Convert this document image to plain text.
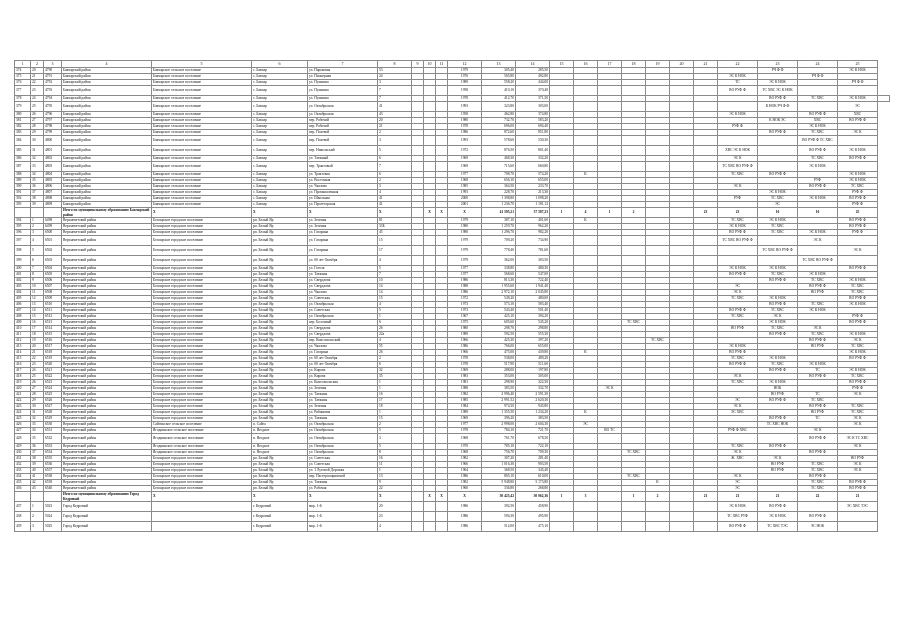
1	2	3	4	5	6	7	8	9	10	11	12	13	14	15	16	17	18	19	20	21	22	23	24	25	
374	20	4790	Бакчарский район	Бакчарское сельское поселение	с. Бакчар	ул. Парьковая	53				1979	305,40	285,50									РЧ Ф Ф		ЭС К НОК	
375	21	4791	Бакчарский район	Бакчарское сельское поселение	с. Бакчар	ул. Пионерная	24				1976	565,80	492,80								ЭС К НОК		РЧ Ф Ф		
376	22	4792	Бакчарский район	Бакчарское сельское поселение	с. Бакчар	ул. Пушкина	3				1989	558,20	444,00								ТС	ЭС К НОК		РЧ Ф Ф	
377	23	4793	Бакчарский район	Бакчарское сельское поселение	с. Бакчар	ул. Пушкина	7				1958	410,10	370,40								ВО РУФ Ф	ТС ХВС ЭС К НОК			
378	24	4794	Бакчарский район	Бакчарское сельское поселение	с. Бакчар	ул. Пушкина	7				1978	412,70	371,50									ВО РУФ Ф	ТС ХВС	ЭС К НОК	
379	25	4795	Бакчарский район	Бакчарское сельское поселение	с. Бакчар	ул. Октябрьская	41				1993	323,80	303,00									К НОК РЧ Ф Ф		ЭС	
380	26	4796	Бакчарский район	Бакчарское сельское поселение	с. Бакчар	ул. Октябрьская	43				1958	462,80	374,80								ЭС К НОК		ВО РУФ Ф	ХВС	
381	27	4797	Бакчарский район	Бакчарское сельское поселение	с. Бакчар	пер. Рабочий	20				1980	732,70	583,20									К НОК ЭС	ХВС	ВО РУФ Ф	
382	28	4798	Бакчарский район	Бакчарское сельское поселение	с. Бакчар	пер. Рабочий	21				1978	696,00	694,40								РУФ Ф		ЭС К НОК		
383	29	4799	Бакчарский район	Бакчарское сельское поселение	с. Бакчар	пер. Полевой	2				1986	872,60	851,80									ВО РУФ Ф	ТС ХВС	ЭС К	
384	30	4800	Бакчарский район	Бакчарское сельское поселение	с. Бакчар	пер. Полевой	3				1993	578,60	530,30										ВО РУФ Ф ТС ХВС		
385	31	4801	Бакчарский район	Бакчарское сельское поселение	с. Бакчар	пер. Никольский	5				1972	876,50	801,40								ХВС ЭС К НОК		ВО РУФ Ф	ЭС К НОК	
386	32	4802	Бакчарский район	Бакчарское сельское поселение	с. Бакчар	ул. Таежный	6				1969	468,30	332,20								ЭС К		ТС ХВС	ВО РУФ Ф	
387	33	4803	Бакчарский район	Бакчарское сельское поселение	с. Бакчар	пер. Трактовый	7				1969	715,60	660,80								ТС ХВС ВО РУФ Ф		ЭС К НОК		
388	34	4804	Бакчарский район	Бакчарское сельское поселение	с. Бакчар	ул. Трактовая	6				1977	708,70	574,20		К						ТС ХВС	ВО РУФ Ф		ЭС К НОК	
389	35	4805	Бакчарский район	Бакчарское сельское поселение	с. Бакчар	ул. Восточная	2				1968	656,10	655,00										РУФ	ЭС К НОК	
390	36	4806	Бакчарский район	Бакчарское сельское поселение	с. Бакчар	ул. Чкалова	3				1985	364,50	233,70								ЭС К		ВО РУФ Ф	ТС ХВС	
391	37	4807	Бакчарский район	Бакчарское сельское поселение	с. Бакчар	ул. Промышленная	4				1993	228,70	213,30									ЭС К НОК		РУФ Ф	
392	38	4808	Бакчарский район	Бакчарское сельское поселение	с. Бакчар	ул. Школьная	41				2000	1 398,80	1 098,20								РУФ	ТС ХВС	ЭС К НОК	ВО РУФ Ф	
393	39	4809	Бакчарский район	Бакчарское сельское поселение	с. Бакчар	ул. Пролетарская	41				2001	1 236,70	1 181,12									ЭС		РУФ Ф	
			Итого по муниципальному образованию Бакчарский район	X	X	X	X		X	X	X	41 595,21	37 587,23	1	4	1	2			23	23	16	16	25	
394	1	6498	Верхнекетский район	Белоярское городское поселение	рп. Белый Яр	ул. Зеленая	81				1979	387,10	401,60		К						ТС ХВС	ЭС К НОК		ВО РУФ Ф	
395	2	6499	Верхнекетский район	Белоярское городское поселение	рп. Белый Яр	ул. Зеленая	33Б				1980	1 259,70	962,20								ЭС К НОК	ТС ХВС		ВО РУФ Ф	
396	3	6500	Верхнекетский район	Белоярское городское поселение	рп. Белый Яр	ул. Гагарина	45				1980	1 296,70	982,20								ВО РУФ Ф	ТС ХВС	ЭС К НОК	РУФ Ф	
397	4	6501	Верхнекетский район	Белоярское городское поселение	рп. Белый Яр	ул. Гагарина	15				1979	709,20	734,90								ТС ХВС ВО РУФ Ф		ЭС К		
398	5	6502	Верхнекетский район	Белоярское городское поселение	рп. Белый Яр	ул. Гагарина	17				1979	778,40	781,60									ТС ХВС ВО РУФ Ф		ЭС К	
399	6	6503	Верхнекетский район	Белоярское городское поселение	рп. Белый Яр	ул. 60 лет Октября	4				1979	362,00	303,50										ТС ХВС ВО РУФ Ф		
400	7	6504	Верхнекетский район	Белоярское городское поселение	рп. Белый Яр	ул. Гоголя	5				1977	338,80	480,30								ЭС К НОК	ЭС К НОК		ВО РУФ Ф	
401	8	6505	Верхнекетский район	Белоярское городское поселение	рп. Белый Яр	ул. Таежная	7				1977	568,60	547,00								ВО РУФ Ф	ТС ХВС	ЭС К НОК		
402	9	6506	Верхнекетский район	Белоярское городское поселение	рп. Белый Яр	ул. Свердлова	10				1986	813,30	722,40									ВО РУФ Ф	ТС ХВС	ЭС К НОК	
403	10	6507	Верхнекетский район	Белоярское городское поселение	рп. Белый Яр	ул. Свердлова	14				1988	1 955,60	1 941,40								ЭС		ВО РУФ Ф	ТС ХВС	
404	11	6508	Верхнекетский район	Белоярское городское поселение	рп. Белый Яр	ул. Чкалова	14				1986	2 972,10	2 045,80								ЭС К		ВО РУФ	ТС ХВС	
405	12	6509	Верхнекетский район	Белоярское городское поселение	рп. Белый Яр	ул. Советская	15				1972	549,20	480,00								ТС ХВС	ЭС К НОК		ВО РУФ Ф	
406	13	6510	Верхнекетский район	Белоярское городское поселение	рп. Белый Яр	ул. Октябрьская	4				1973	573,10	583,40									ВО РУФ Ф	ТС ХВС	ЭС К НОК	
407	14	6511	Верхнекетский район	Белоярское городское поселение	рп. Белый Яр	ул. Советская	5				1973	543,40	501,40								ВО РУФ Ф	ТС ХВС	ЭС К НОК		
408	15	6512	Верхнекетский район	Белоярское городское поселение	рп. Белый Яр	ул. Октябрьская	1				1967	425,10	394,20								ТС ХВС	ЭС К		РУФ Ф	
409	16	6513	Верхнекетский район	Белоярское городское поселение	рп. Белый Яр	пер. Болотный	6				1975	605,60	545,20				ТС ХВС					ЭС К НОК		ВО РУФ Ф	
410	17	6514	Верхнекетский район	Белоярское городское поселение	рп. Белый Яр	ул. Свердлова	26				1980	298,70	298,80								ВО РУФ	ТС ХВС	ЭС К		
411	18	6515	Верхнекетский район	Белоярское городское поселение	рп. Белый Яр	ул. Свердлова	22а				1989	592,50	555,30									ВО РУФ Ф	ТС ХВС	ЭС К НОК	
412	19	6516	Верхнекетский район	Белоярское городское поселение	рп. Белый Яр	пер. Комсомольский	4				1966	425,30	397,20					ТС ХВС					ВО РУФ Ф	ЭС К	
413	20	6517	Верхнекетский район	Белоярское городское поселение	рп. Белый Яр	ул. Чкалова	55				1986	766,00	655,00								ЭС К НОК		ВО РУФ	ТС ХВС	
414	21	6518	Верхнекетский район	Белоярское городское поселение	рп. Белый Яр	ул. Гагарина	26				1966	475,00	439,80		К						ВО РУФ Ф			ЭС К НОК	
415	22	6519	Верхнекетский район	Белоярское городское поселение	рп. Белый Яр	ул. 60 лет Октября	2				1978	538,00	489,20								ТС ХВС	ЭС К НОК		ВО РУФ Ф	
416	23	6520	Верхнекетский район	Белоярское городское поселение	рп. Белый Яр	ул. 60 лет Октября	6				1978	517,90	511,60								ВО РУФ Ф	ТС ХВС	ЭС К НОК		
417	24	6521	Верхнекетский район	Белоярское городское поселение	рп. Белый Яр	ул. Кирова	32				1969	288,00	197,80									ВО РУФ Ф	ТС	ЭС К НОК	
418	25	6522	Верхнекетский район	Белоярское городское поселение	рп. Белый Яр	ул. Кирова	35				1983	353,00	305,00								ЭС К		ВО РУФ Ф	ТС ХВС	
419	26	6523	Верхнекетский район	Белоярское городское поселение	рп. Белый Яр	ул. Комсомольская	1				1981	298,90	322,50								ТС ХВС	ЭС К НОК		ВО РУФ Ф	
420	27	6524	Верхнекетский район	Белоярское городское поселение	рп. Белый Яр	ул. Зеленая	1				1988	383,50	332,70			ЭС К						НОК		РУФ Ф	
421	28	6525	Верхнекетский район	Белоярское городское поселение	рп. Белый Яр	ул. Таежная	16				1982	2 996,40	2 591,30									ВО РУФ	ТС	ЭС К	
422	29	6526	Верхнекетский район	Белоярское городское поселение	рп. Белый Яр	ул. Таежная	17				1985	2 991,52	2 620,30								ЭС	ВО РУФ Ф	ТС ХВС		
423	30	6527	Верхнекетский район	Белоярское городское поселение	рп. Белый Яр	ул. Зеленая	18				1984	974,50	945,80								ЭС К		ВО РУФ Ф	ТС ХВС	
424	31	6528	Верхнекетский район	Белоярское городское поселение	рп. Белый Яр	ул. Рябиновая	1				1989	1 355,50	1 234,20		К						ЭС ХВС		ВО РУФ	ТС ХВС	
425	32	6529	Верхнекетский район	Белоярское городское поселение	рп. Белый Яр	ул. Таежная	15				1969	396,20	383,50									ВО РУФ Ф	ТС	ЭС К	
426	33	6530	Верхнекетский район	Сайгинское сельское поселение	п. Сайга	ул. Октябрьская	2				1977	2 998,00	2 604,30		ЭС							ТС ХВС НОК		ЭС К	
427	34	6531	Верхнекетский район	Ягоднинское сельское поселение	п. Ягодное	ул. Октябрьская	5				1978	784,10	721,70			ВО ТС					РУФ Ф ХВС		ЭС К		
428	35	6532	Верхнекетский район	Ягоднинское сельское поселение	п. Ягодное	ул. Октябрьская	3				1968	761,70	678,50										ВО РУФ Ф	ЭС К ТС ХВС	
429	36	6533	Верхнекетский район	Ягоднинское сельское поселение	п. Ягодное	ул. Октябрьская	5				1970	785,10	722,10								ТС ХВС	ВО РУФ Ф		ЭС К	
430	37	6534	Верхнекетский район	Ягоднинское сельское поселение	п. Ягодное	ул. Октябрьская	8				1968	756,70	709,30				ТС ХВС				ЭС К		ВО РУФ Ф		
431	38	6535	Верхнекетский район	Белоярское городское поселение	рп. Белый Яр	ул. Советская	16				1982	307,20	281,40								Ж. ХВС	ЭС К		ВО РУФ	
432	39	6536	Верхнекетский район	Белоярское городское поселение	рп. Белый Яр	ул. Советская	11				1966	1 016,30	903,50									ВО РУФ	ТС ХВС	ЭС К	
433	40	6537	Верхнекетский район	Белоярское городское поселение	рп. Белый Яр	ул. 1 Луговой Дорожка	1				1964	368,50	345,40									ВО РУФ	ТС ХВС	ЭС К	
434	41	6538	Верхнекетский район	Белоярское городское поселение	рп. Белый Яр	пер. Пастерпоприятной	13				1986	805,10	610,00				ТС ХВС				ЭС К		ВО РУФ Ф		
435	42	6539	Верхнекетский район	Белоярское городское поселение	рп. Белый Яр	ул. Таежная	9				1982	5 948,80	5 173,80					К			ЭС		ТС ХВС	ВО РУФ Ф	
436	43	6540	Верхнекетский район	Белоярское городское поселение	рп. Белый Яр	ул. Рабочая	22				1960	336,80	268,80								ЭС		ТС ХВС	ВО РУФ Ф	
			Итого по муниципальному образованию Город Кедровый	X	X	X	X		X	X	X	50 425,42	50 062,36	1	3		1	2		21	21	21	22	21	
437	1	5023	Город Кедровый		г. Кедровый	мкр. 1-й	20				1986	392,50	458,90								ЭС К НОК	ВО РУФ Ф		ЭС ХВС ТЭС	
438	2	5024	Город Кедровый		г. Кедровый	мкр. 1-й	23				1986	594,30	495,90								ТС ХВС РУФ	ЭС К НОК	ВО РУФ Ф		
439	3	5025	Город Кедровый		г. Кедровый	мкр. 1-й	4				1986	512,00	475,10								ВО РУФ Ф	ТС ХВС ТЭС	ЭС НОК		
